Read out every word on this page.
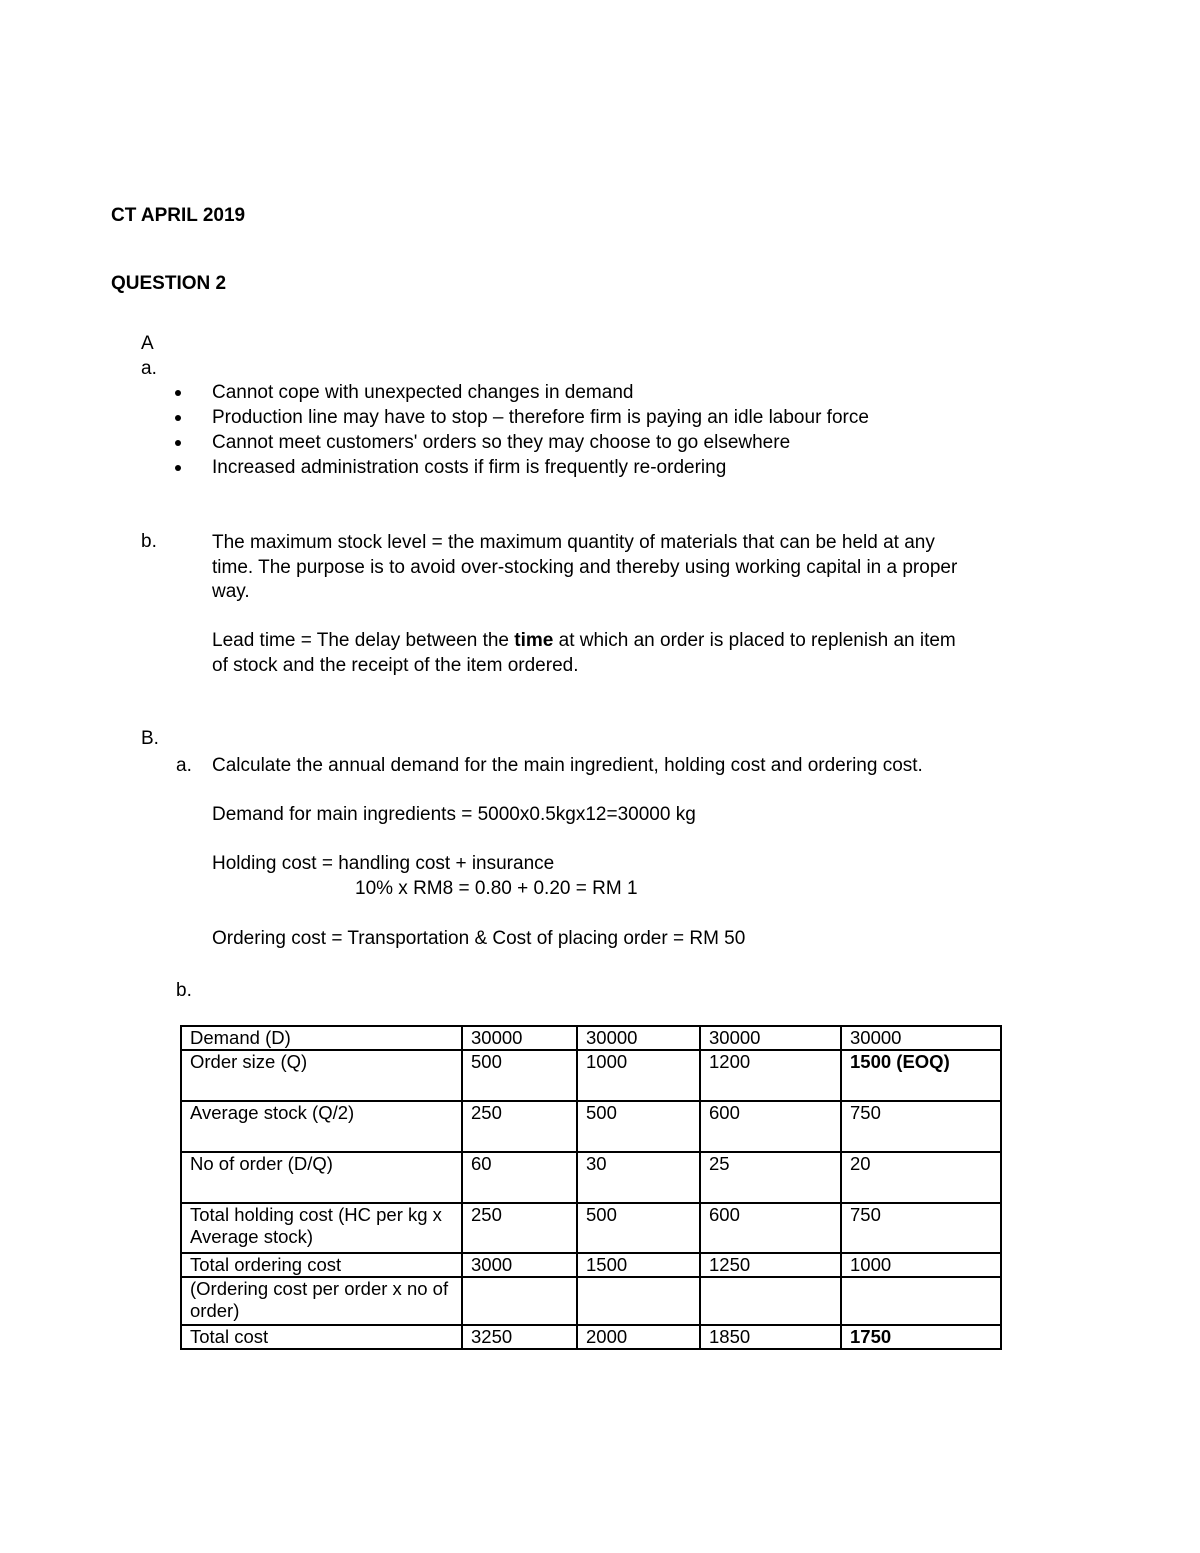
CT APRIL 2019
QUESTION 2
A
a.
Cannot cope with unexpected changes in demand
Production line may have to stop – therefore firm is paying an idle labour force
Cannot meet customers' orders so they may choose to go elsewhere
Increased administration costs if firm is frequently re-ordering
b.	The maximum stock level = the maximum quantity of materials that can be held at any
time. The purpose is to avoid over-stocking and thereby using working capital in a proper
way.
Lead time = The delay between the time at which an order is placed to replenish an item
of stock and the receipt of the item ordered.
B.
a. Calculate the annual demand for the main ingredient, holding cost and ordering cost.
Demand for main ingredients = 5000x0.5kgx12=30000 kg
Holding cost = handling cost + insurance
10% x RM8 = 0.80 + 0.20 = RM 1
Ordering cost = Transportation & Cost of placing order = RM 50
b.
Demand (D)	30000	30000	30000	30000
Order size (Q)	500	1000	1200	1500 (EOQ)
Average stock (Q/2)	250	500	600	750
No of order (D/Q)	60	30	25	20
Total holding cost (HC per kg x Average stock)	250	500	600	750
Total ordering cost	3000	1500	1250	1000
(Ordering cost per order x no of order)				
Total cost	3250	2000	1850	1750
